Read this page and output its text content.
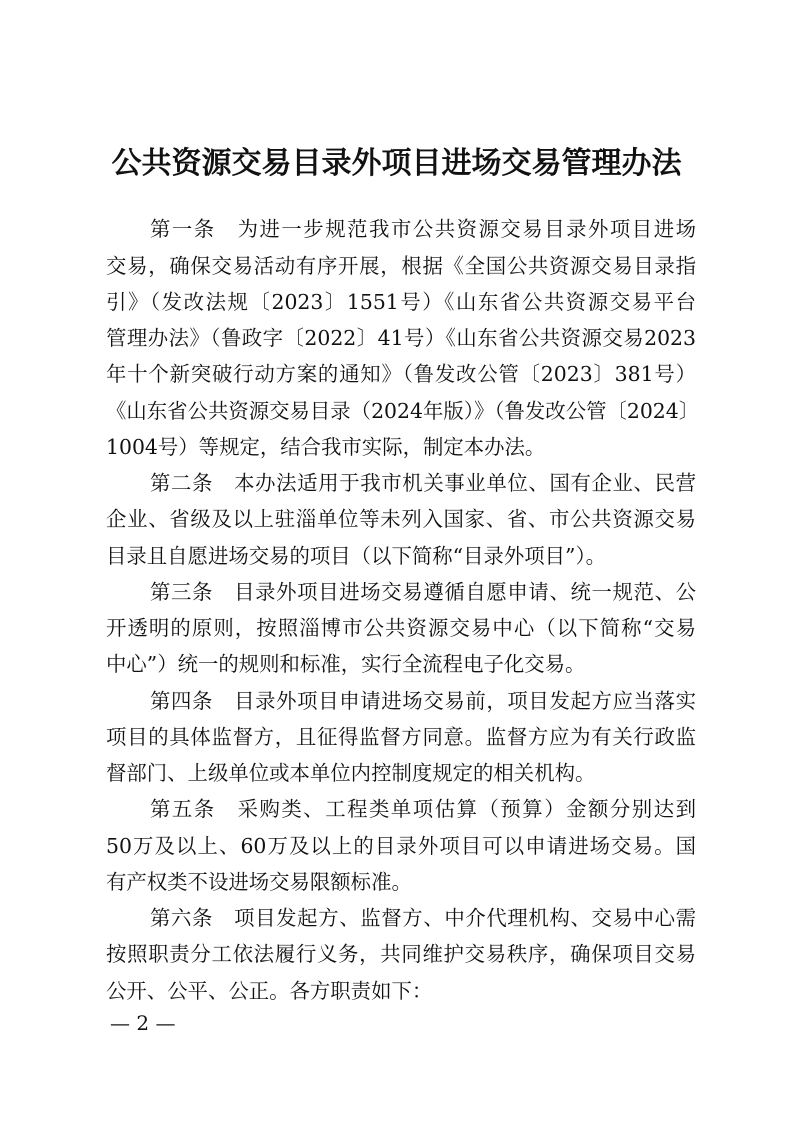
公共资源交易目录外项目进场交易管理办法
第一条　为进一步规范我市公共资源交易目录外项目进场
交易，确保交易活动有序开展，根据《全国公共资源交易目录指
引》（发改法规〔2023〕1551号）《山东省公共资源交易平台
管理办法》（鲁政字〔2022〕41号）《山东省公共资源交易2023
年十个新突破行动方案的通知》（鲁发改公管〔2023〕381号）
《山东省公共资源交易目录（2024年版）》（鲁发改公管〔2024〕
1004号）等规定，结合我市实际，制定本办法。
第二条　本办法适用于我市机关事业单位、国有企业、民营
企业、省级及以上驻淄单位等未列入国家、省、市公共资源交易
目录且自愿进场交易的项目（以下简称“目录外项目”）。
第三条　目录外项目进场交易遵循自愿申请、统一规范、公
开透明的原则，按照淄博市公共资源交易中心（以下简称“交易
中心”）统一的规则和标准，实行全流程电子化交易。
第四条　目录外项目申请进场交易前，项目发起方应当落实
项目的具体监督方，且征得监督方同意。监督方应为有关行政监
督部门、上级单位或本单位内控制度规定的相关机构。
第五条　采购类、工程类单项估算（预算）金额分别达到
50万及以上、60万及以上的目录外项目可以申请进场交易。国
有产权类不设进场交易限额标准。
第六条　项目发起方、监督方、中介代理机构、交易中心需
按照职责分工依法履行义务，共同维护交易秩序，确保项目交易
公开、公平、公正。各方职责如下：
— 2 —
